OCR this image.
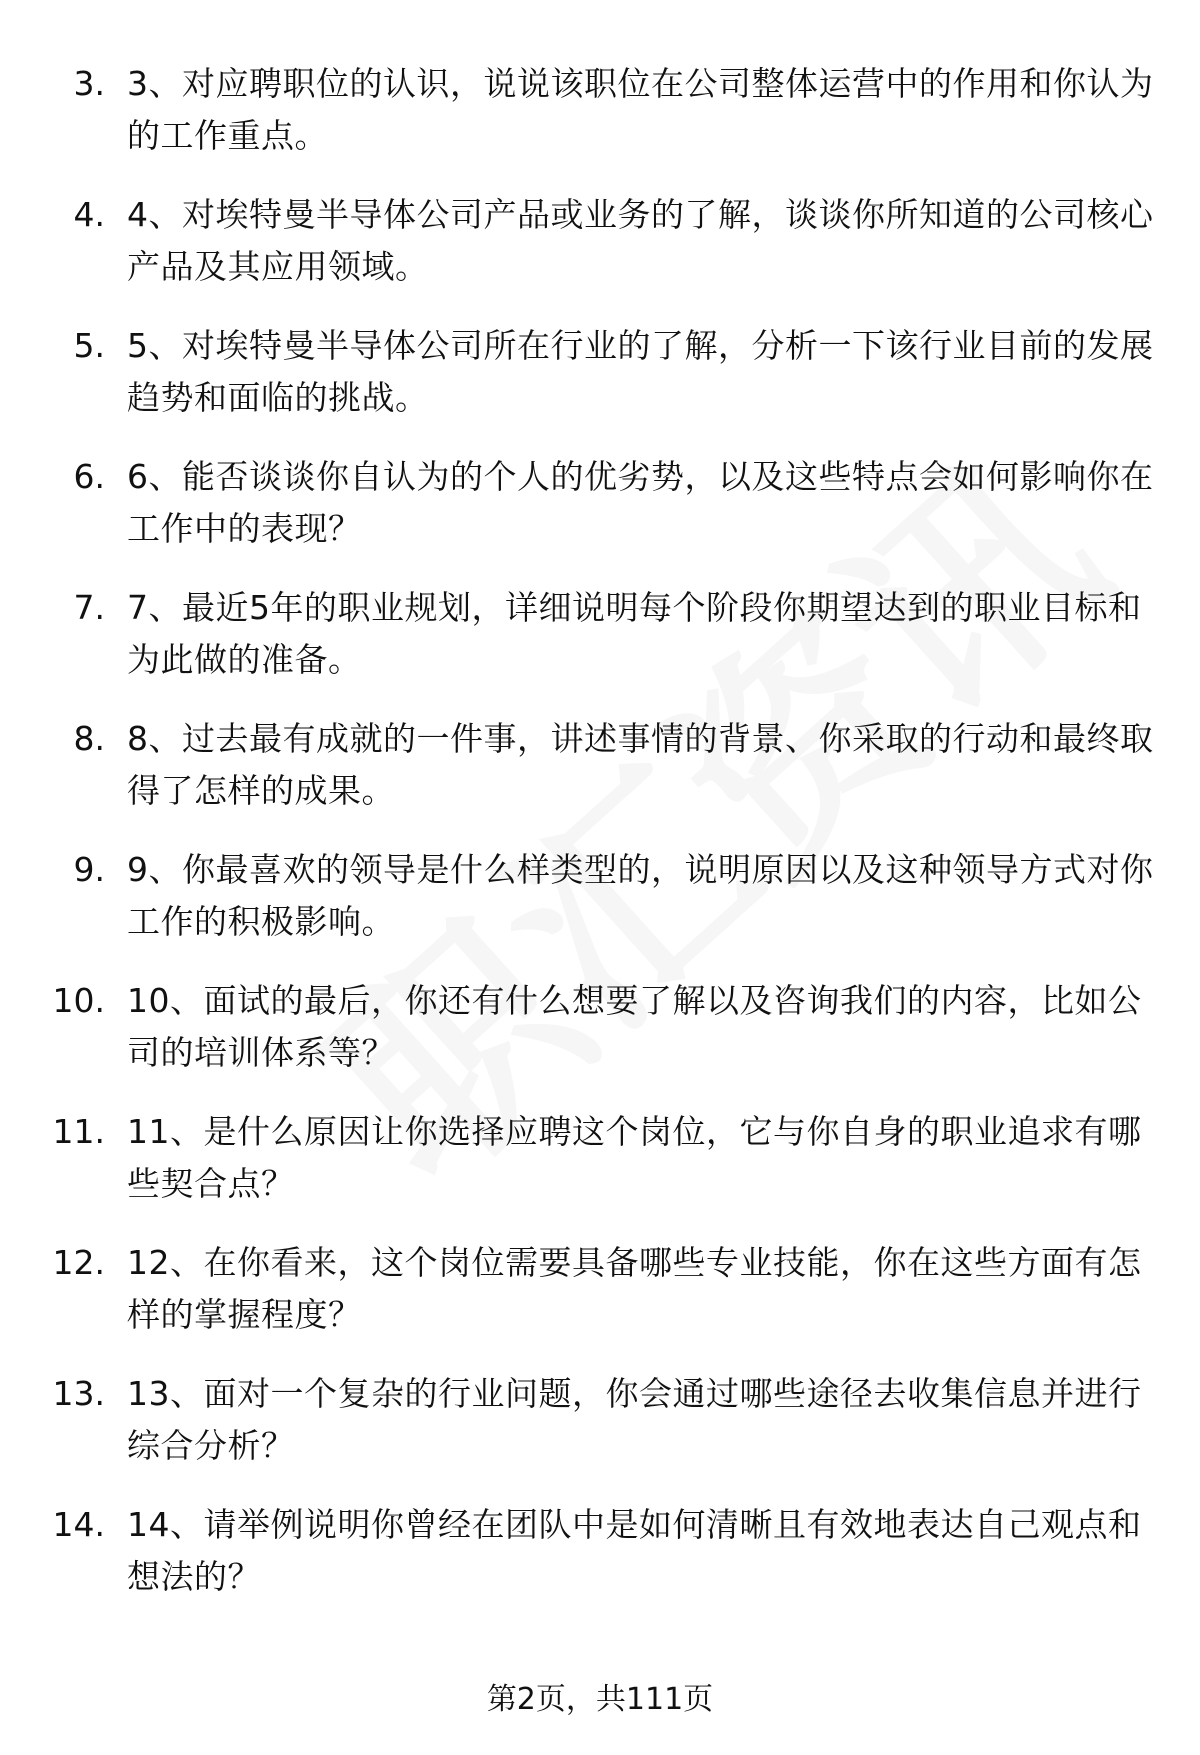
3. 3、对应聘职位的认识，说说该职位在公司整体运营中的作用和你认为的工作重点。
4. 4、对埃特曼半导体公司产品或业务的了解，谈谈你所知道的公司核心产品及其应用领域。
5. 5、对埃特曼半导体公司所在行业的了解，分析一下该行业目前的发展趋势和面临的挑战。
6. 6、能否谈谈你自认为的个人的优劣势，以及这些特点会如何影响你在工作中的表现？
7. 7、最近5年的职业规划，详细说明每个阶段你期望达到的职业目标和为此做的准备。
8. 8、过去最有成就的一件事，讲述事情的背景、你采取的行动和最终取得了怎样的成果。
9. 9、你最喜欢的领导是什么样类型的，说明原因以及这种领导方式对你工作的积极影响。
10. 10、面试的最后，你还有什么想要了解以及咨询我们的内容，比如公司的培训体系等？
11. 11、是什么原因让你选择应聘这个岗位，它与你自身的职业追求有哪些契合点？
12. 12、在你看来，这个岗位需要具备哪些专业技能，你在这些方面有怎样的掌握程度？
13. 13、面对一个复杂的行业问题，你会通过哪些途径去收集信息并进行综合分析？
14. 14、请举例说明你曾经在团队中是如何清晰且有效地表达自己观点和想法的？
第2页，共111页
